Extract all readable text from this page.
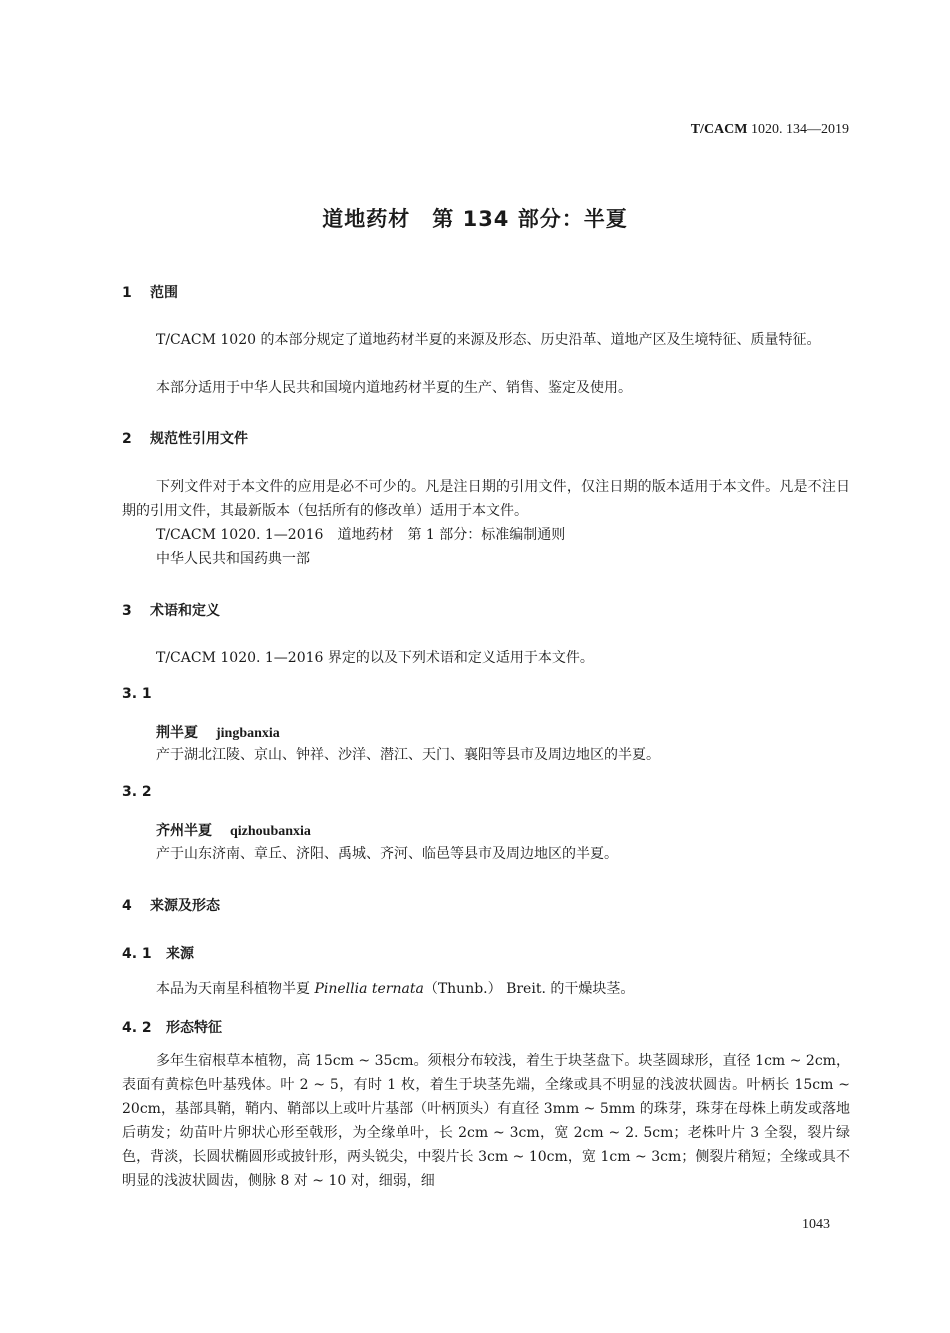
T/CACM 1020. 134—2019
道地药材　第 134 部分：半夏
1 范围
T/CACM 1020 的本部分规定了道地药材半夏的来源及形态、历史沿革、道地产区及生境特征、质量特征。
本部分适用于中华人民共和国境内道地药材半夏的生产、销售、鉴定及使用。
2 规范性引用文件
下列文件对于本文件的应用是必不可少的。凡是注日期的引用文件，仅注日期的版本适用于本文件。凡是不注日期的引用文件，其最新版本（包括所有的修改单）适用于本文件。
T/CACM 1020. 1—2016　道地药材　第 1 部分：标准编制通则
中华人民共和国药典一部
3 术语和定义
T/CACM 1020. 1—2016 界定的以及下列术语和定义适用于本文件。
3. 1
荆半夏 jingbanxia
产于湖北江陵、京山、钟祥、沙洋、潜江、天门、襄阳等县市及周边地区的半夏。
3. 2
齐州半夏 qizhoubanxia
产于山东济南、章丘、济阳、禹城、齐河、临邑等县市及周边地区的半夏。
4 来源及形态
4. 1 来源
本品为天南星科植物半夏 Pinellia ternata（Thunb.） Breit. 的干燥块茎。
4. 2 形态特征
多年生宿根草本植物，高 15cm ~ 35cm。须根分布较浅，着生于块茎盘下。块茎圆球形，直径 1cm ~ 2cm，表面有黄棕色叶基残体。叶 2 ~ 5，有时 1 枚，着生于块茎先端，全缘或具不明显的浅波状圆齿。叶柄长 15cm ~ 20cm，基部具鞘，鞘内、鞘部以上或叶片基部（叶柄顶头）有直径 3mm ~ 5mm 的珠芽，珠芽在母株上萌发或落地后萌发；幼苗叶片卵状心形至戟形，为全缘单叶，长 2cm ~ 3cm，宽 2cm ~ 2. 5cm；老株叶片 3 全裂，裂片绿色，背淡，长圆状椭圆形或披针形，两头锐尖，中裂片长 3cm ~ 10cm，宽 1cm ~ 3cm；侧裂片稍短；全缘或具不明显的浅波状圆齿，侧脉 8 对 ~ 10 对，细弱，细
1043
